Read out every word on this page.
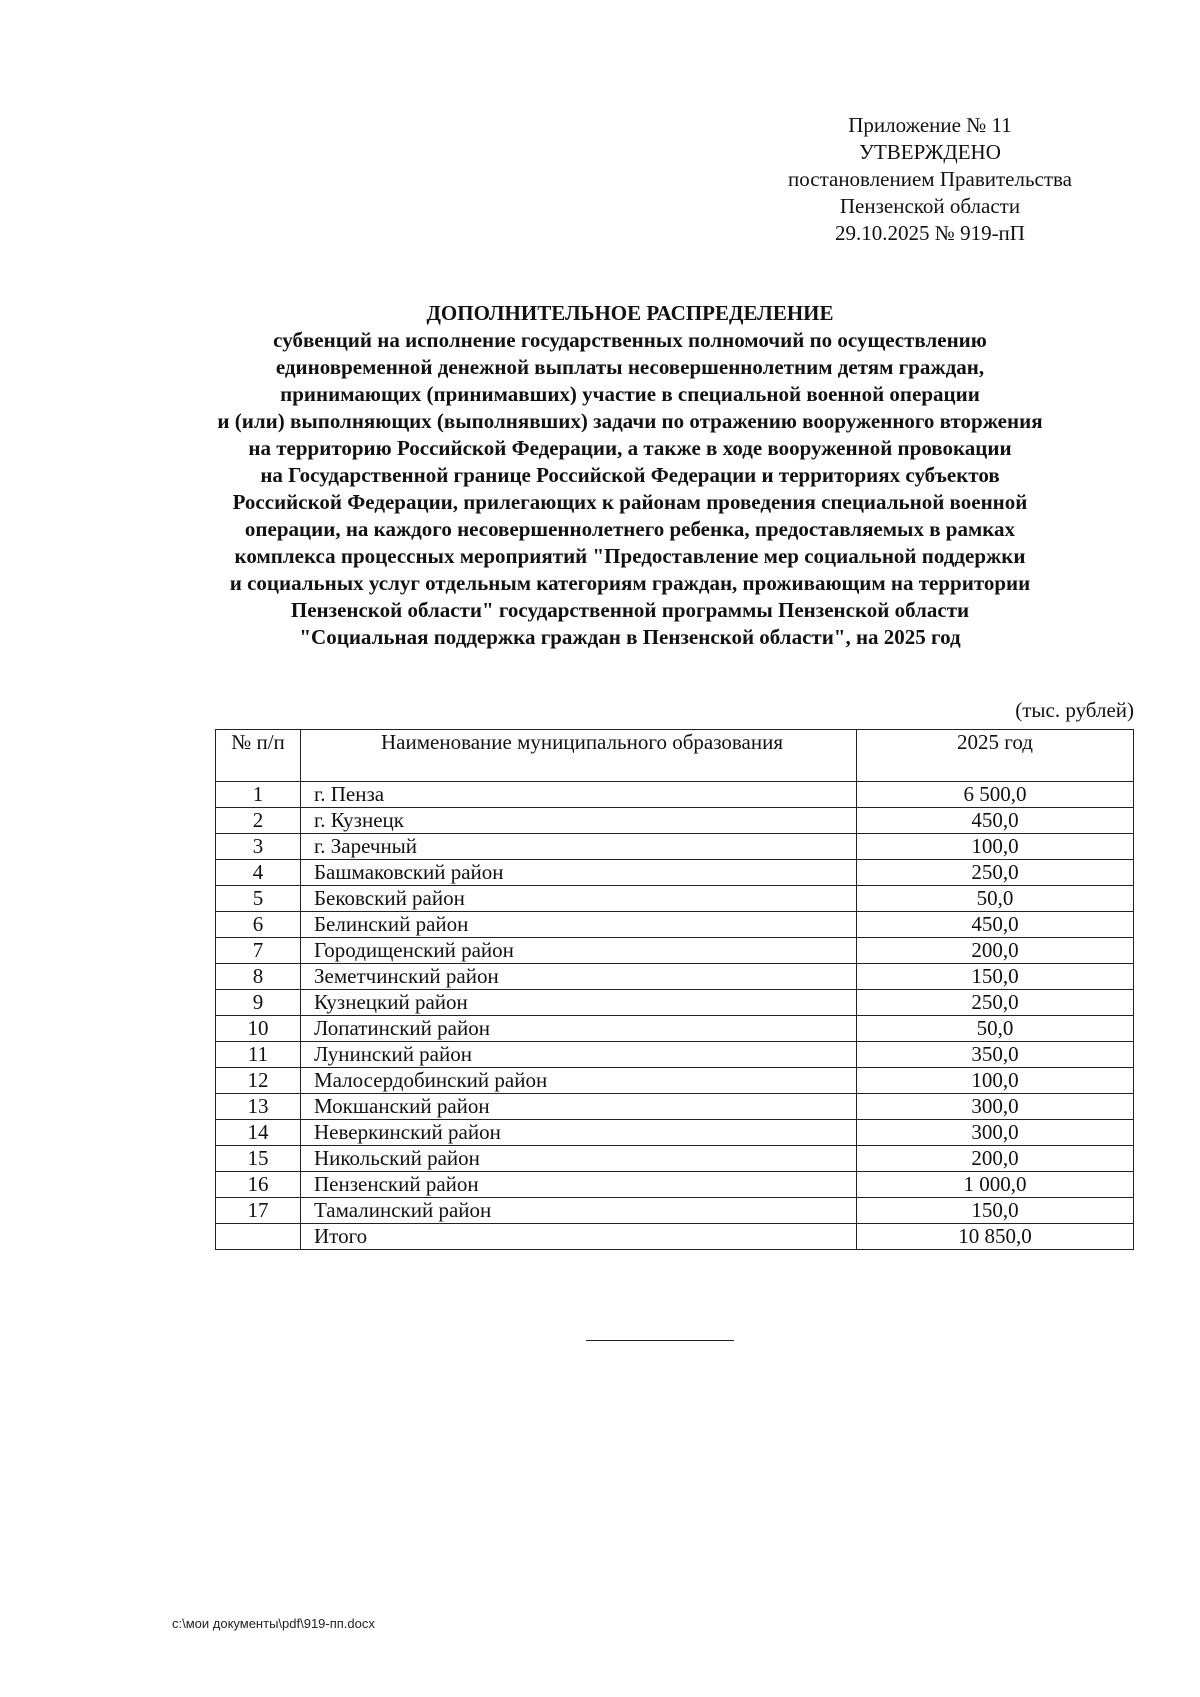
Приложение № 11
УТВЕРЖДЕНО
постановлением Правительства
Пензенской области
29.10.2025 № 919-пП
ДОПОЛНИТЕЛЬНОЕ РАСПРЕДЕЛЕНИЕ
субвенций на исполнение государственных полномочий по осуществлению
единовременной денежной выплаты несовершеннолетним детям граждан,
принимающих (принимавших) участие в специальной военной операции
и (или) выполняющих (выполнявших) задачи по отражению вооруженного вторжения
на территорию Российской Федерации, а также в ходе вооруженной провокации
на Государственной границе Российской Федерации и территориях субъектов
Российской Федерации, прилегающих к районам проведения специальной военной
операции, на каждого несовершеннолетнего ребенка, предоставляемых в рамках
комплекса процессных мероприятий "Предоставление мер социальной поддержки
и социальных услуг отдельным категориям граждан, проживающим на территории
Пензенской области" государственной программы Пензенской области
"Социальная поддержка граждан в Пензенской области", на 2025 год
(тыс. рублей)
№ п/п	Наименование муниципального образования	2025 год
1	г. Пенза	6 500,0
2	г. Кузнецк	450,0
3	г. Заречный	100,0
4	Башмаковский район	250,0
5	Бековский район	50,0
6	Белинский район	450,0
7	Городищенский район	200,0
8	Земетчинский район	150,0
9	Кузнецкий район	250,0
10	Лопатинский район	50,0
11	Лунинский район	350,0
12	Малосердобинский район	100,0
13	Мокшанский район	300,0
14	Неверкинский район	300,0
15	Никольский район	200,0
16	Пензенский район	1 000,0
17	Тамалинский район	150,0
	Итого	10 850,0
c:\мои документы\pdf\919-пп.docx
